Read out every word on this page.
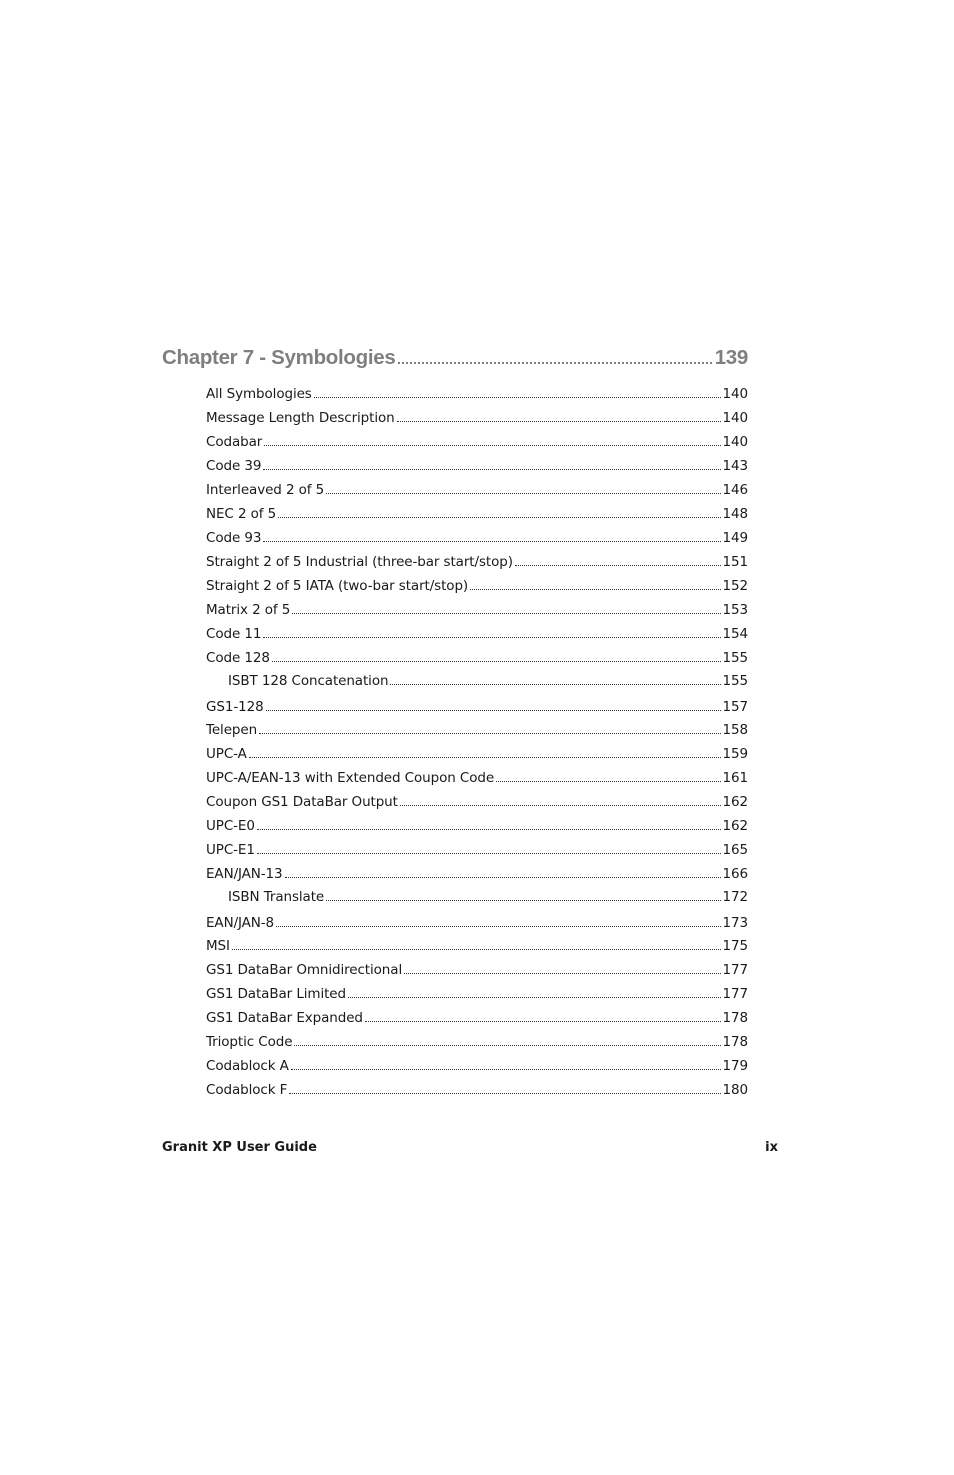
Chapter 7 - Symbologies	139
All Symbologies	140
Message Length Description	140
Codabar	140
Code 39	143
Interleaved 2 of 5	146
NEC 2 of 5	148
Code 93	149
Straight 2 of 5 Industrial (three-bar start/stop)	151
Straight 2 of 5 IATA (two-bar start/stop)	152
Matrix 2 of 5	153
Code 11	154
Code 128	155
ISBT 128 Concatenation	155
GS1-128	157
Telepen	158
UPC-A	159
UPC-A/EAN-13 with Extended Coupon Code	161
Coupon GS1 DataBar Output	162
UPC-E0	162
UPC-E1	165
EAN/JAN-13	166
ISBN Translate	172
EAN/JAN-8	173
MSI	175
GS1 DataBar Omnidirectional	177
GS1 DataBar Limited	177
GS1 DataBar Expanded	178
Trioptic Code	178
Codablock A	179
Codablock F	180
Granit XP User Guide	ix
